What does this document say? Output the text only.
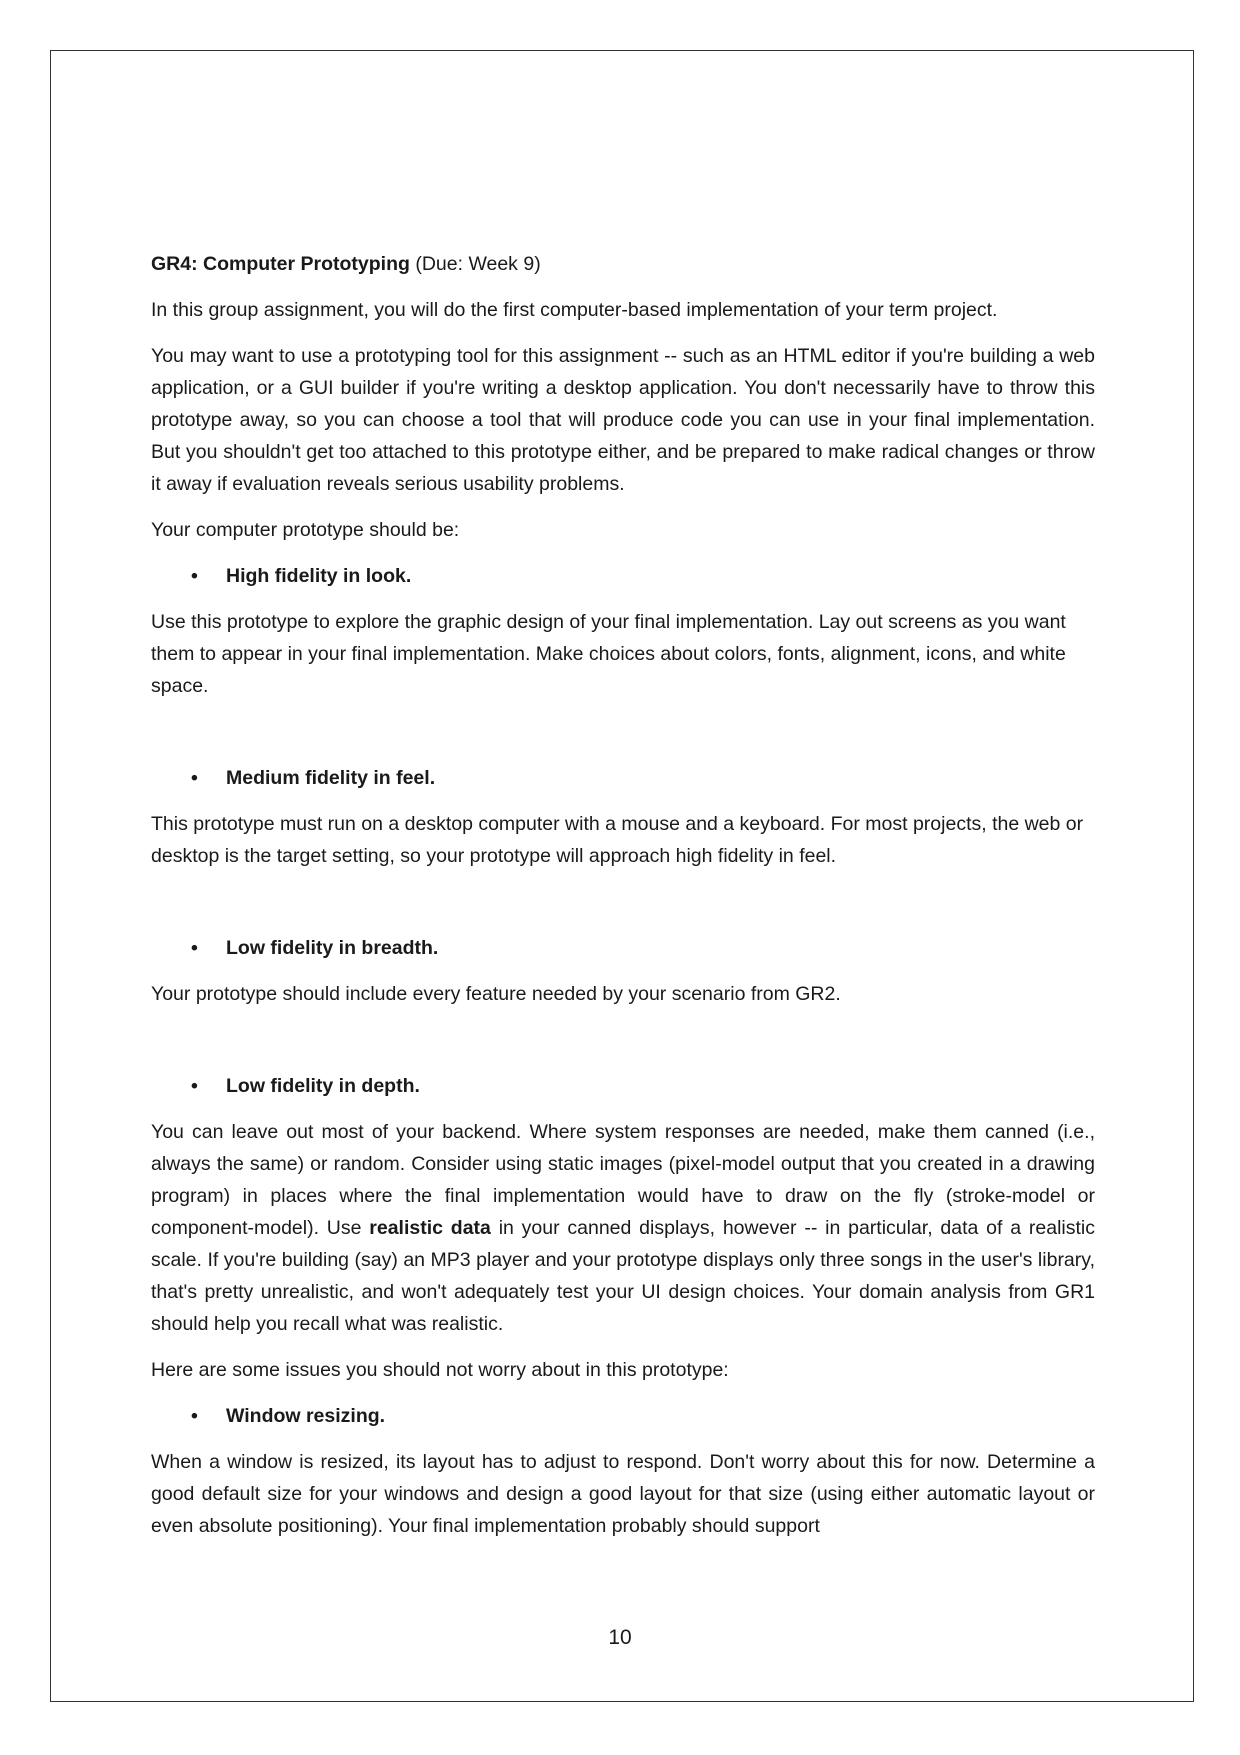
GR4: Computer Prototyping (Due: Week 9)

In this group assignment, you will do the first computer-based implementation of your term project.

You may want to use a prototyping tool for this assignment -- such as an HTML editor if you're building a web application, or a GUI builder if you're writing a desktop application. You don't necessarily have to throw this prototype away, so you can choose a tool that will produce code you can use in your final implementation. But you shouldn't get too attached to this prototype either, and be prepared to make radical changes or throw it away if evaluation reveals serious usability problems.

Your computer prototype should be:

• High fidelity in look.

Use this prototype to explore the graphic design of your final implementation. Lay out screens as you want them to appear in your final implementation. Make choices about colors, fonts, alignment, icons, and white space.

• Medium fidelity in feel.

This prototype must run on a desktop computer with a mouse and a keyboard. For most projects, the web or desktop is the target setting, so your prototype will approach high fidelity in feel.

• Low fidelity in breadth.

Your prototype should include every feature needed by your scenario from GR2.

• Low fidelity in depth.

You can leave out most of your backend. Where system responses are needed, make them canned (i.e., always the same) or random. Consider using static images (pixel-model output that you created in a drawing program) in places where the final implementation would have to draw on the fly (stroke-model or component-model). Use realistic data in your canned displays, however -- in particular, data of a realistic scale. If you're building (say) an MP3 player and your prototype displays only three songs in the user's library, that's pretty unrealistic, and won't adequately test your UI design choices. Your domain analysis from GR1 should help you recall what was realistic.

Here are some issues you should not worry about in this prototype:

• Window resizing.

When a window is resized, its layout has to adjust to respond. Don't worry about this for now. Determine a good default size for your windows and design a good layout for that size (using either automatic layout or even absolute positioning). Your final implementation probably should support

10
